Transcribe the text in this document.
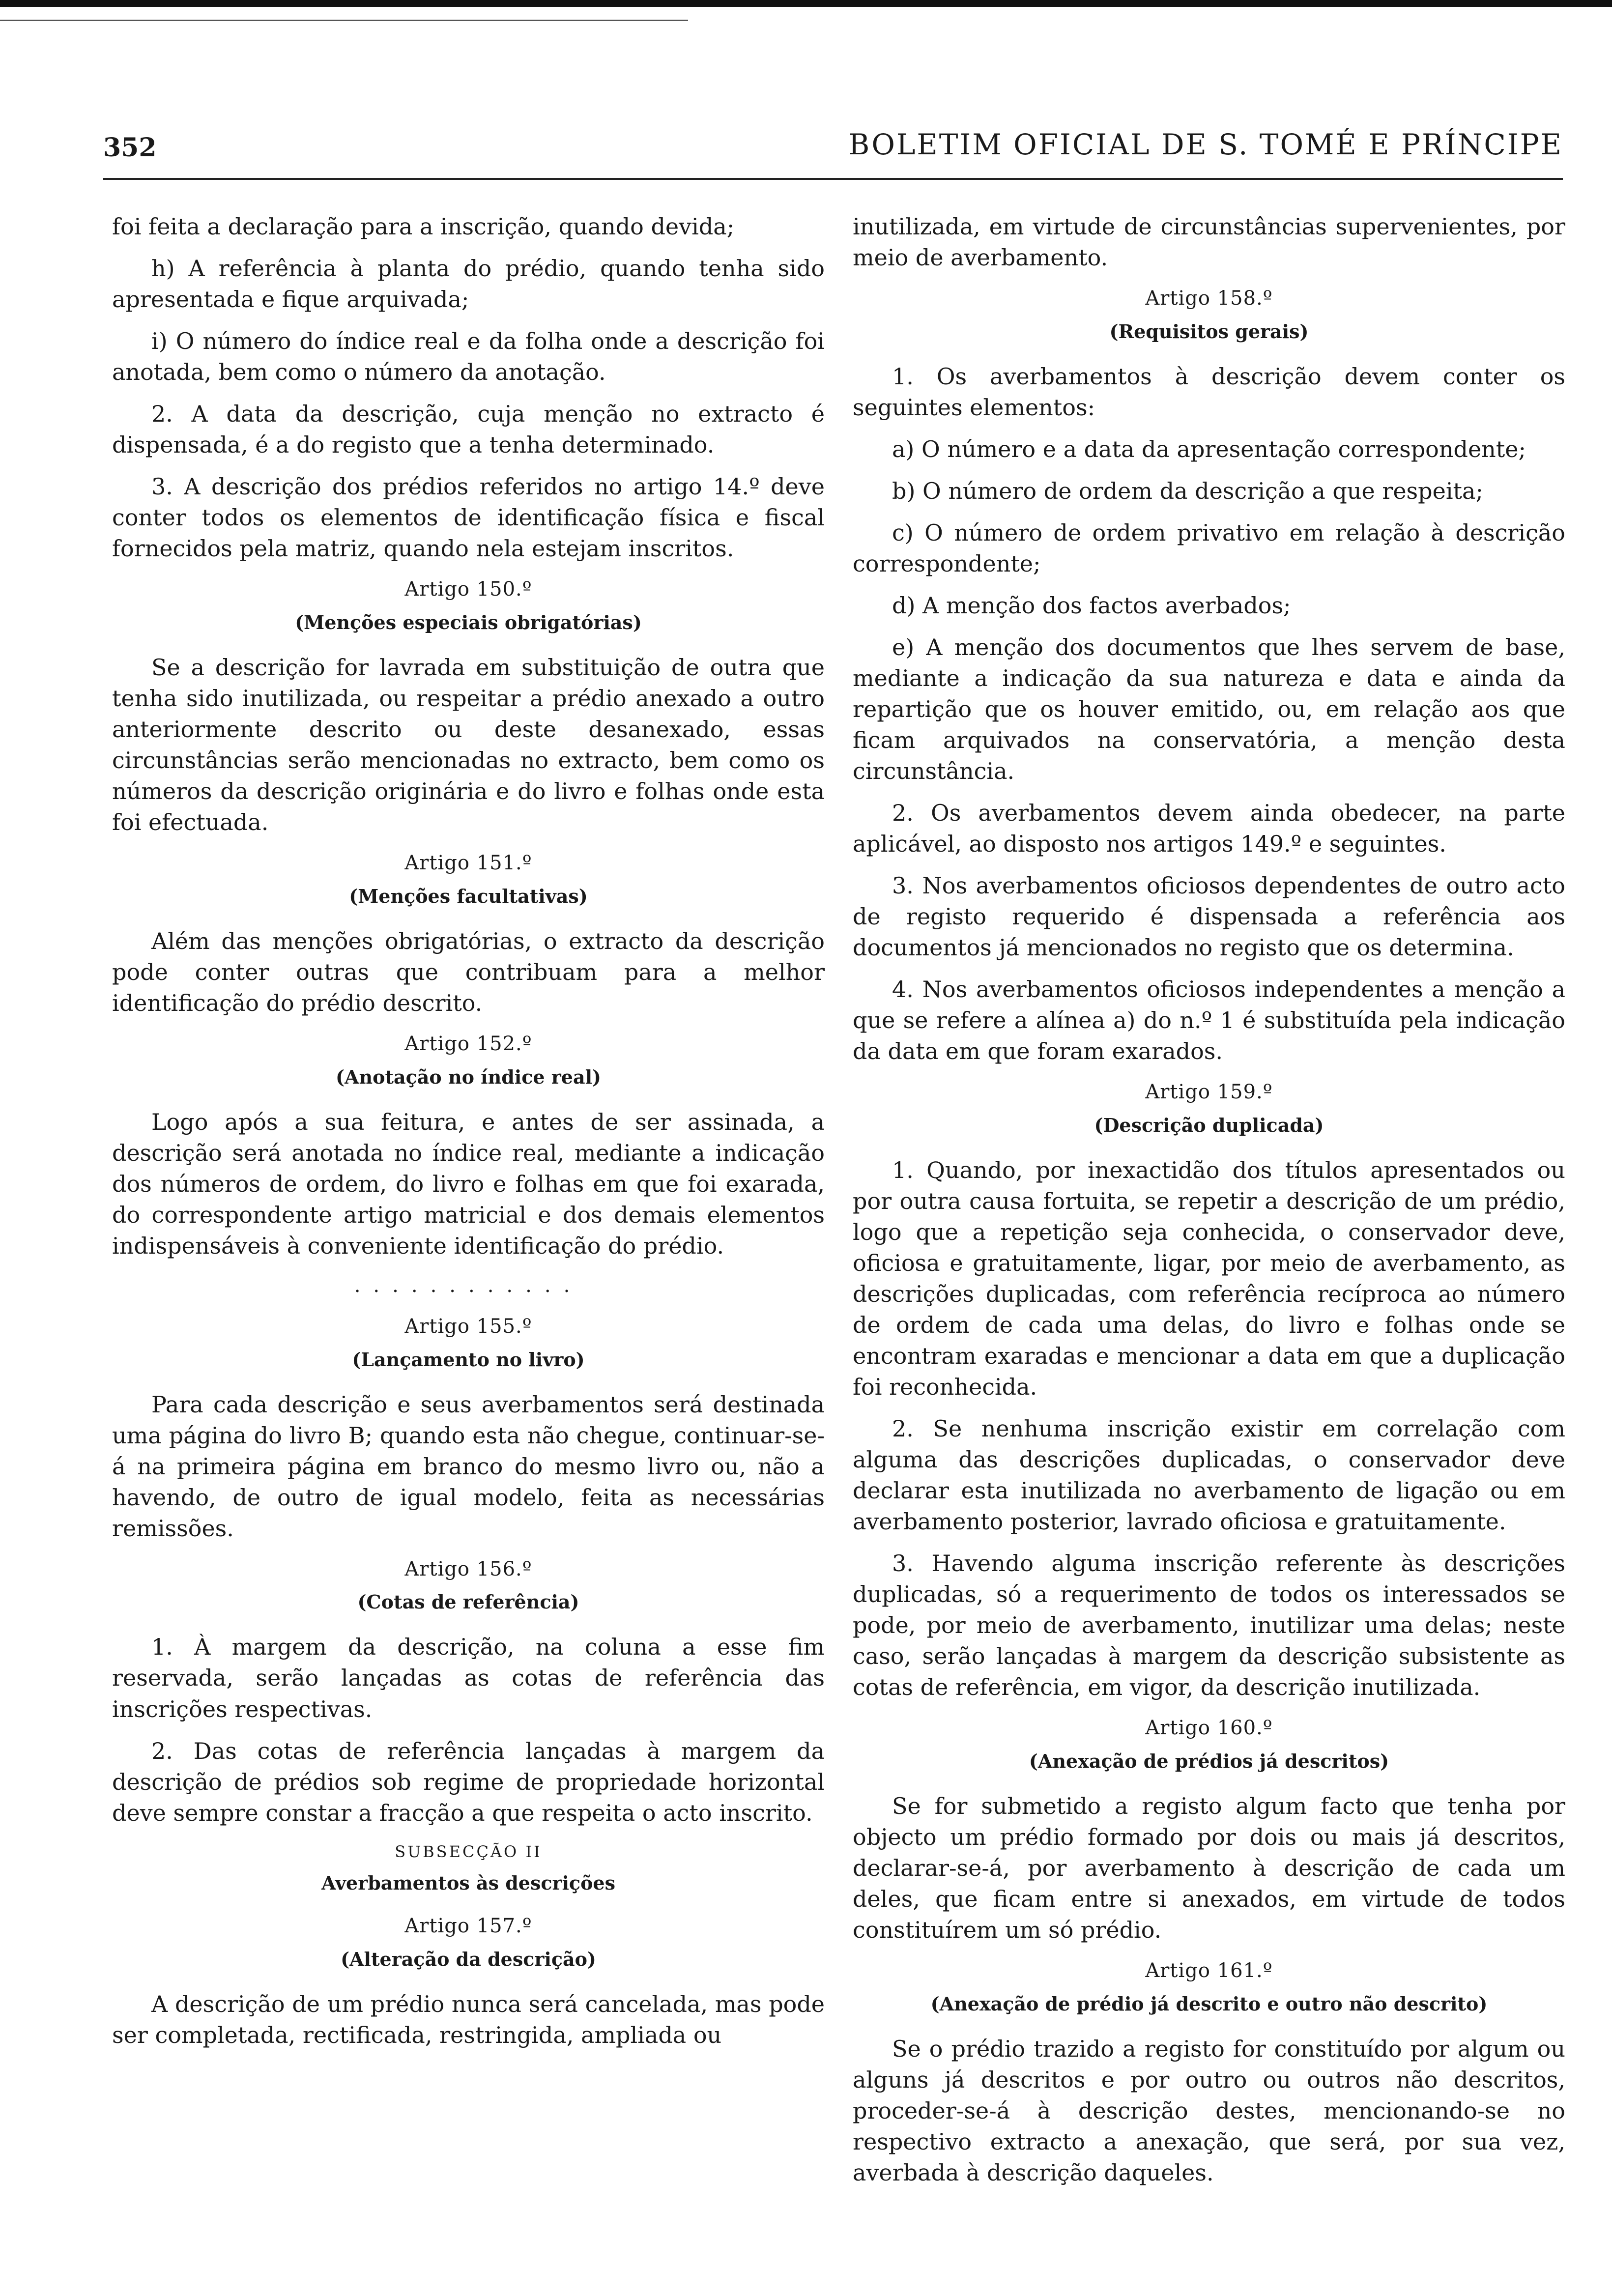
352	BOLETIM OFICIAL DE S. TOMÉ E PRÍNCIPE

foi feita a declaração para a inscrição, quando devida;

h) A referência à planta do prédio, quando tenha sido apresentada e fique arquivada;

i) O número do índice real e da folha onde a descrição foi anotada, bem como o número da anotação.

2. A data da descrição, cuja menção no extracto é dispensada, é a do registo que a tenha determinado.

3. A descrição dos prédios referidos no artigo 14.º deve conter todos os elementos de identificação física e fiscal fornecidos pela matriz, quando nela estejam inscritos.

Artigo 150.º
(Menções especiais obrigatórias)

Se a descrição for lavrada em substituição de outra que tenha sido inutilizada, ou respeitar a prédio anexado a outro anteriormente descrito ou deste desanexado, essas circunstâncias serão mencionadas no extracto, bem como os números da descrição originária e do livro e folhas onde esta foi efectuada.

Artigo 151.º
(Menções facultativas)

Além das menções obrigatórias, o extracto da descrição pode conter outras que contribuam para a melhor identificação do prédio descrito.

Artigo 152.º
(Anotação no índice real)

Logo após a sua feitura, e antes de ser assinada, a descrição será anotada no índice real, mediante a indicação dos números de ordem, do livro e folhas em que foi exarada, do correspondente artigo matricial e dos demais elementos indispensáveis à conveniente identificação do prédio.

............
Artigo 155.º
(Lançamento no livro)

Para cada descrição e seus averbamentos será destinada uma página do livro B; quando esta não chegue, continuar-se-á na primeira página em branco do mesmo livro ou, não a havendo, de outro de igual modelo, feita as necessárias remissões.

Artigo 156.º
(Cotas de referência)

1. À margem da descrição, na coluna a esse fim reservada, serão lançadas as cotas de referência das inscrições respectivas.

2. Das cotas de referência lançadas à margem da descrição de prédios sob regime de propriedade horizontal deve sempre constar a fracção a que respeita o acto inscrito.

SUBSECÇÃO II
Averbamentos às descrições
Artigo 157.º
(Alteração da descrição)

A descrição de um prédio nunca será cancelada, mas pode ser completada, rectificada, restringida, ampliada ou

inutilizada, em virtude de circunstâncias supervenientes, por meio de averbamento.

Artigo 158.º
(Requisitos gerais)

1. Os averbamentos à descrição devem conter os seguintes elementos:

a) O número e a data da apresentação correspondente;

b) O número de ordem da descrição a que respeita;

c) O número de ordem privativo em relação à descrição correspondente;

d) A menção dos factos averbados;

e) A menção dos documentos que lhes servem de base, mediante a indicação da sua natureza e data e ainda da repartição que os houver emitido, ou, em relação aos que ficam arquivados na conservatória, a menção desta circunstância.

2. Os averbamentos devem ainda obedecer, na parte aplicável, ao disposto nos artigos 149.º e seguintes.

3. Nos averbamentos oficiosos dependentes de outro acto de registo requerido é dispensada a referência aos documentos já mencionados no registo que os determina.

4. Nos averbamentos oficiosos independentes a menção a que se refere a alínea a) do n.º 1 é substituída pela indicação da data em que foram exarados.

Artigo 159.º
(Descrição duplicada)

1. Quando, por inexactidão dos títulos apresentados ou por outra causa fortuita, se repetir a descrição de um prédio, logo que a repetição seja conhecida, o conservador deve, oficiosa e gratuitamente, ligar, por meio de averbamento, as descrições duplicadas, com referência recíproca ao número de ordem de cada uma delas, do livro e folhas onde se encontram exaradas e mencionar a data em que a duplicação foi reconhecida.

2. Se nenhuma inscrição existir em correlação com alguma das descrições duplicadas, o conservador deve declarar esta inutilizada no averbamento de ligação ou em averbamento posterior, lavrado oficiosa e gratuitamente.

3. Havendo alguma inscrição referente às descrições duplicadas, só a requerimento de todos os interessados se pode, por meio de averbamento, inutilizar uma delas; neste caso, serão lançadas à margem da descrição subsistente as cotas de referência, em vigor, da descrição inutilizada.

Artigo 160.º
(Anexação de prédios já descritos)

Se for submetido a registo algum facto que tenha por objecto um prédio formado por dois ou mais já descritos, declarar-se-á, por averbamento à descrição de cada um deles, que ficam entre si anexados, em virtude de todos constituírem um só prédio.

Artigo 161.º
(Anexação de prédio já descrito e outro não descrito)

Se o prédio trazido a registo for constituído por algum ou alguns já descritos e por outro ou outros não descritos, proceder-se-á à descrição destes, mencionando-se no respectivo extracto a anexação, que será, por sua vez, averbada à descrição daqueles.
